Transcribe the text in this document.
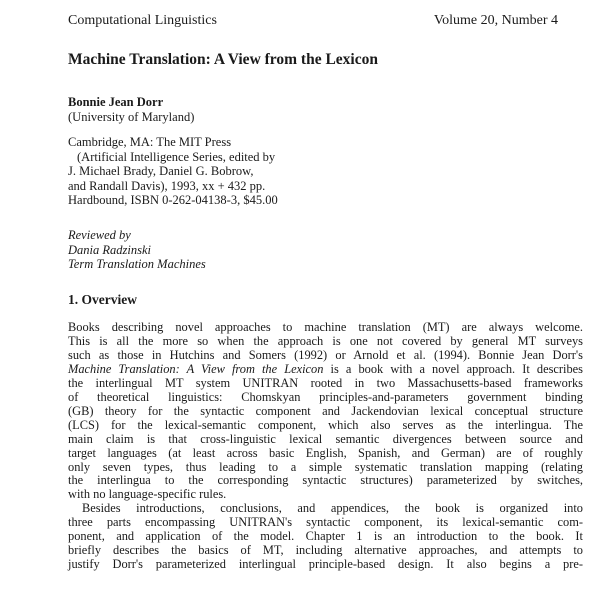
Computational Linguistics	Volume 20, Number 4
Machine Translation: A View from the Lexicon
Bonnie Jean Dorr
(University of Maryland)
Cambridge, MA: The MIT Press
(Artificial Intelligence Series, edited by
J. Michael Brady, Daniel G. Bobrow,
and Randall Davis), 1993, xx + 432 pp.
Hardbound, ISBN 0-262-04138-3, $45.00
Reviewed by
Dania Radzinski
Term Translation Machines
1. Overview
Books describing novel approaches to machine translation (MT) are always welcome.
This is all the more so when the approach is one not covered by general MT surveys
such as those in Hutchins and Somers (1992) or Arnold et al. (1994). Bonnie Jean Dorr's
Machine Translation: A View from the Lexicon is a book with a novel approach. It describes
the interlingual MT system UNITRAN rooted in two Massachusetts-based frameworks
of theoretical linguistics: Chomskyan principles-and-parameters government binding
(GB) theory for the syntactic component and Jackendovian lexical conceptual structure
(LCS) for the lexical-semantic component, which also serves as the interlingua. The
main claim is that cross-linguistic lexical semantic divergences between source and
target languages (at least across basic English, Spanish, and German) are of roughly
only seven types, thus leading to a simple systematic translation mapping (relating
the interlingua to the corresponding syntactic structures) parameterized by switches,
with no language-specific rules.
Besides introductions, conclusions, and appendices, the book is organized into
three parts encompassing UNITRAN's syntactic component, its lexical-semantic com-
ponent, and application of the model. Chapter 1 is an introduction to the book. It
briefly describes the basics of MT, including alternative approaches, and attempts to
justify Dorr's parameterized interlingual principle-based design. It also begins a pre-
